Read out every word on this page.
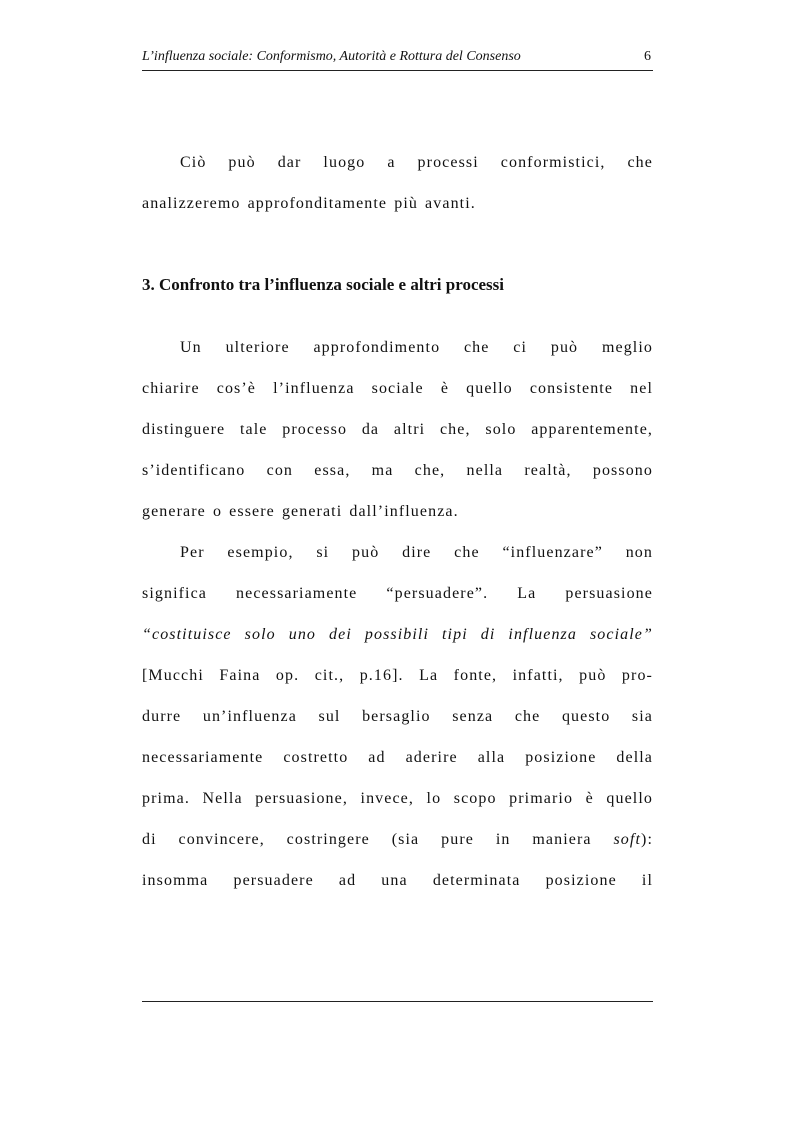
L’influenza sociale: Conformismo, Autorità e Rottura del Consenso	6
Ciò può dar luogo a processi conformistici, che
analizzeremo approfonditamente più avanti.
3. Confronto tra l’influenza sociale e altri processi
Un ulteriore approfondimento che ci può meglio
chiarire cos’è l’influenza sociale è quello consistente nel
distinguere tale processo da altri che, solo apparentemente,
s’identificano con essa, ma che, nella realtà, possono
generare o essere generati dall’influenza.
Per esempio, si può dire che “influenzare” non
significa necessariamente “persuadere”. La persuasione
“costituisce solo uno dei possibili tipi di influenza sociale”
[Mucchi Faina op. cit., p.16]. La fonte, infatti, può pro-
durre un’influenza sul bersaglio senza che questo sia
necessariamente costretto ad aderire alla posizione della
prima. Nella persuasione, invece, lo scopo primario è quello
di convincere, costringere (sia pure in maniera soft):
insomma persuadere ad una determinata posizione il
